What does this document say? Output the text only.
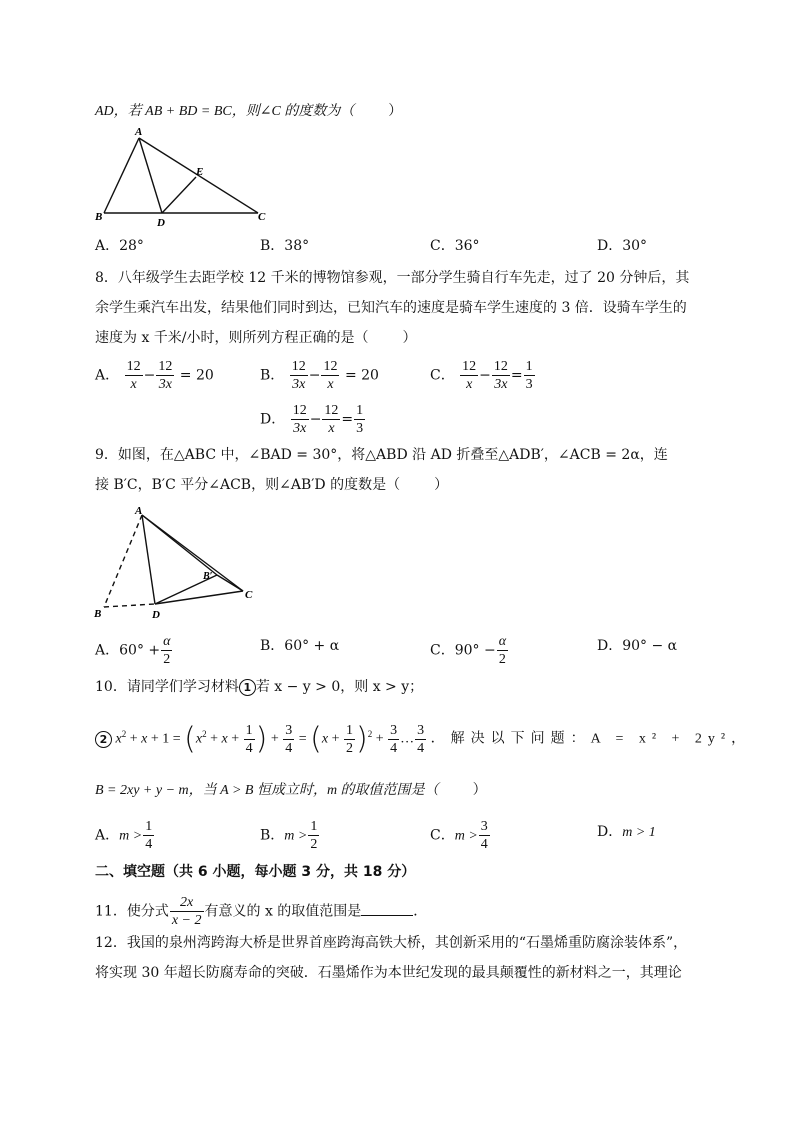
AD，若 AB + BD = BC，则∠C 的度数为（ ）
A
B	C
D
E
A．28°	B．38°	C．36°	D．30°
8．八年级学生去距学校 12 千米的博物馆参观，一部分学生骑自行车先走，过了 20 分钟后，其
余学生乘汽车出发，结果他们同时到达，已知汽车的速度是骑车学生速度的 3 倍．设骑车学生的
速度为 x 千米/小时，则所列方程正确的是（ ）
A． $\frac{12}{x} - \frac{12}{3x} = 20$	B． $\frac{12}{3x} - \frac{12}{x} = 20$	C． $\frac{12}{x} - \frac{12}{3x} = \frac{1}{3}$
D． $\frac{12}{3x} - \frac{12}{x} = \frac{1}{3}$
9．如图，在△ABC 中，∠BAD = 30°，将△ABD 沿 AD 折叠至△ADB′，∠ACB = 2α，连
接 B′C，B′C 平分∠ACB，则∠AB′D 的度数是（ ）
A
B
B′
C
D
A．$60^\circ + \frac{\alpha}{2}$	B．60° + α	C．$90^\circ - \frac{\alpha}{2}$	D．90° − α
10．请同学们学习材料 1 若 x − y > 0，则 x > y；
2 $x^2 + x + 1 = (x^2 + x + \frac{1}{4}$ ) + $\frac{3}{4} = (x + \frac{1}{2} )^2 + \frac{3}{4}$ … $\frac{3}{4}$ ．解决以下问题：A = x² + 2y²，
B = 2xy + y − m，当 A > B 恒成立时，m 的取值范围是（ ）
A．$m > \frac{1}{4}$	B．$m > \frac{1}{2}$	C．$m > \frac{3}{4}$	D．m > 1
二、填空题（共 6 小题，每小题 3 分，共 18 分）
11．使分式 $\frac{2x}{x - 2}$ 有意义的 x 的取值范围是	．
12．我国的泉州湾跨海大桥是世界首座跨海高铁大桥，其创新采用的“石墨烯重防腐涂装体系”，
将实现 30 年超长防腐寿命的突破．石墨烯作为本世纪发现的最具颠覆性的新材料之一，其理论
